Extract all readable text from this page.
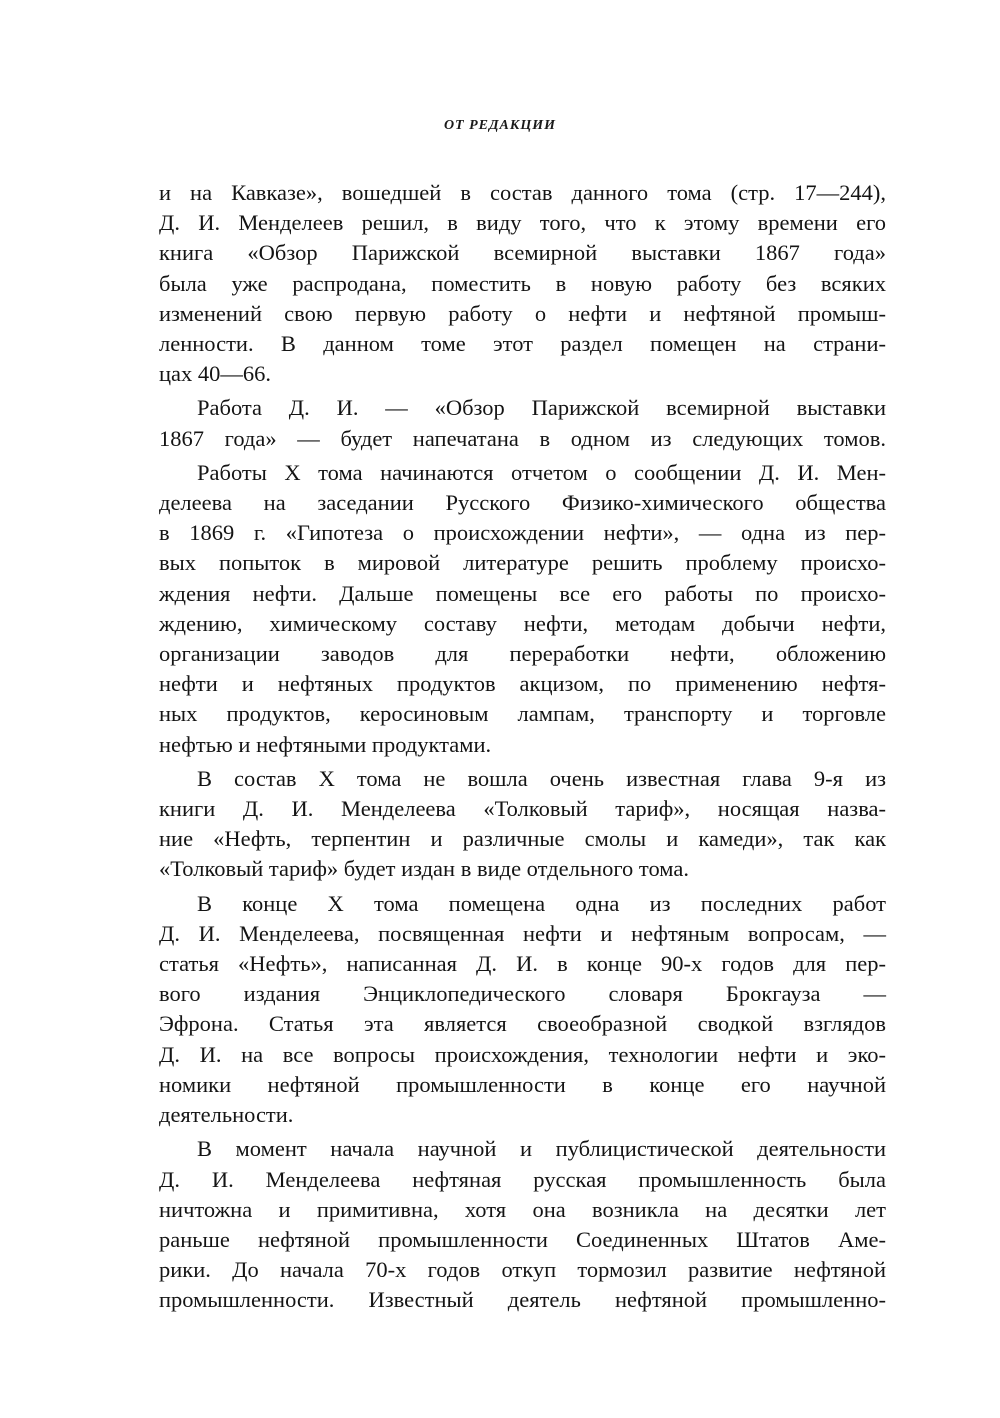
ОТ РЕДАКЦИИ

и на Кавказе», вошедшей в состав данного тома (стр. 17—244),
Д. И. Менделеев решил, в виду того, что к этому времени его
книга «Обзор Парижской всемирной выставки 1867 года»
была уже распродана, поместить в новую работу без всяких
изменений свою первую работу о нефти и нефтяной промыш-
ленности. В данном томе этот раздел помещен на страни-
цах 40—66.

Работа Д. И. — «Обзор Парижской всемирной выставки
1867 года» — будет напечатана в одном из следующих томов.

Работы X тома начинаются отчетом о сообщении Д. И. Мен-
делеева на заседании Русского Физико-химического общества
в 1869 г. «Гипотеза о происхождении нефти», — одна из пер-
вых попыток в мировой литературе решить проблему происхо-
ждения нефти. Дальше помещены все его работы по происхо-
ждению, химическому составу нефти, методам добычи нефти,
организации заводов для переработки нефти, обложению
нефти и нефтяных продуктов акцизом, по применению нефтя-
ных продуктов, керосиновым лампам, транспорту и торговле
нефтью и нефтяными продуктами.

В состав X тома не вошла очень известная глава 9-я из
книги Д. И. Менделеева «Толковый тариф», носящая назва-
ние «Нефть, терпентин и различные смолы и камеди», так как
«Толковый тариф» будет издан в виде отдельного тома.

В конце X тома помещена одна из последних работ
Д. И. Менделеева, посвященная нефти и нефтяным вопросам, —
статья «Нефть», написанная Д. И. в конце 90-х годов для пер-
вого издания Энциклопедического словаря Брокгауза —
Эфрона. Статья эта является своеобразной сводкой взглядов
Д. И. на все вопросы происхождения, технологии нефти и эко-
номики нефтяной промышленности в конце его научной
деятельности.

В момент начала научной и публицистической деятельности
Д. И. Менделеева нефтяная русская промышленность была
ничтожна и примитивна, хотя она возникла на десятки лет
раньше нефтяной промышленности Соединенных Штатов Аме-
рики. До начала 70-х годов откуп тормозил развитие нефтяной
промышленности. Известный деятель нефтяной промышленно-
